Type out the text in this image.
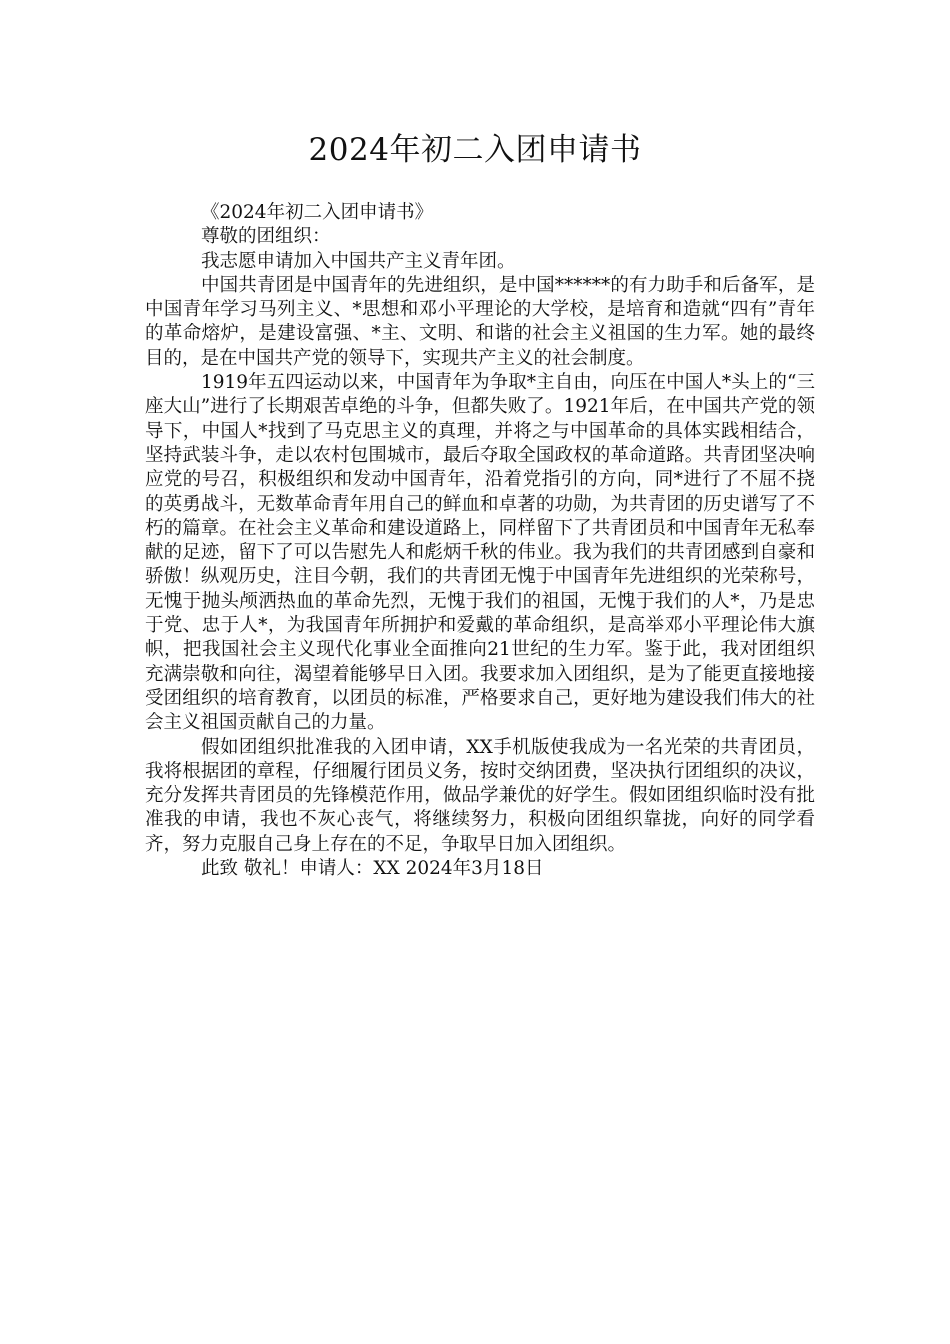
2024年初二入团申请书

《2024年初二入团申请书》

尊敬的团组织：

我志愿申请加入中国共产主义青年团。

中国共青团是中国青年的先进组织，是中国******的有力助手和后备军，是中国青年学习马列主义、*思想和邓小平理论的大学校，是培育和造就“四有”青年的革命熔炉，是建设富强、*主、文明、和谐的社会主义祖国的生力军。她的最终目的，是在中国共产党的领导下，实现共产主义的社会制度。

1919年五四运动以来，中国青年为争取*主自由，向压在中国人*头上的“三座大山”进行了长期艰苦卓绝的斗争，但都失败了。1921年后，在中国共产党的领导下，中国人*找到了马克思主义的真理，并将之与中国革命的具体实践相结合，坚持武装斗争，走以农村包围城市，最后夺取全国政权的革命道路。共青团坚决响应党的号召，积极组织和发动中国青年，沿着党指引的方向，同*进行了不屈不挠的英勇战斗，无数革命青年用自己的鲜血和卓著的功勋，为共青团的历史谱写了不朽的篇章。在社会主义革命和建设道路上，同样留下了共青团员和中国青年无私奉献的足迹，留下了可以告慰先人和彪炳千秋的伟业。我为我们的共青团感到自豪和骄傲！纵观历史，注目今朝，我们的共青团无愧于中国青年先进组织的光荣称号，无愧于抛头颅洒热血的革命先烈，无愧于我们的祖国，无愧于我们的人*，乃是忠于党、忠于人*，为我国青年所拥护和爱戴的革命组织，是高举邓小平理论伟大旗帜，把我国社会主义现代化事业全面推向21世纪的生力军。鉴于此，我对团组织充满崇敬和向往，渴望着能够早日入团。我要求加入团组织，是为了能更直接地接受团组织的培育教育，以团员的标准，严格要求自己，更好地为建设我们伟大的社会主义祖国贡献自己的力量。

假如团组织批准我的入团申请，XX手机版使我成为一名光荣的共青团员，我将根据团的章程，仔细履行团员义务，按时交纳团费，坚决执行团组织的决议，充分发挥共青团员的先锋模范作用，做品学兼优的好学生。假如团组织临时没有批准我的申请，我也不灰心丧气，将继续努力，积极向团组织靠拢，向好的同学看齐，努力克服自己身上存在的不足，争取早日加入团组织。

此致 敬礼！申请人：XX 2024年3月18日
